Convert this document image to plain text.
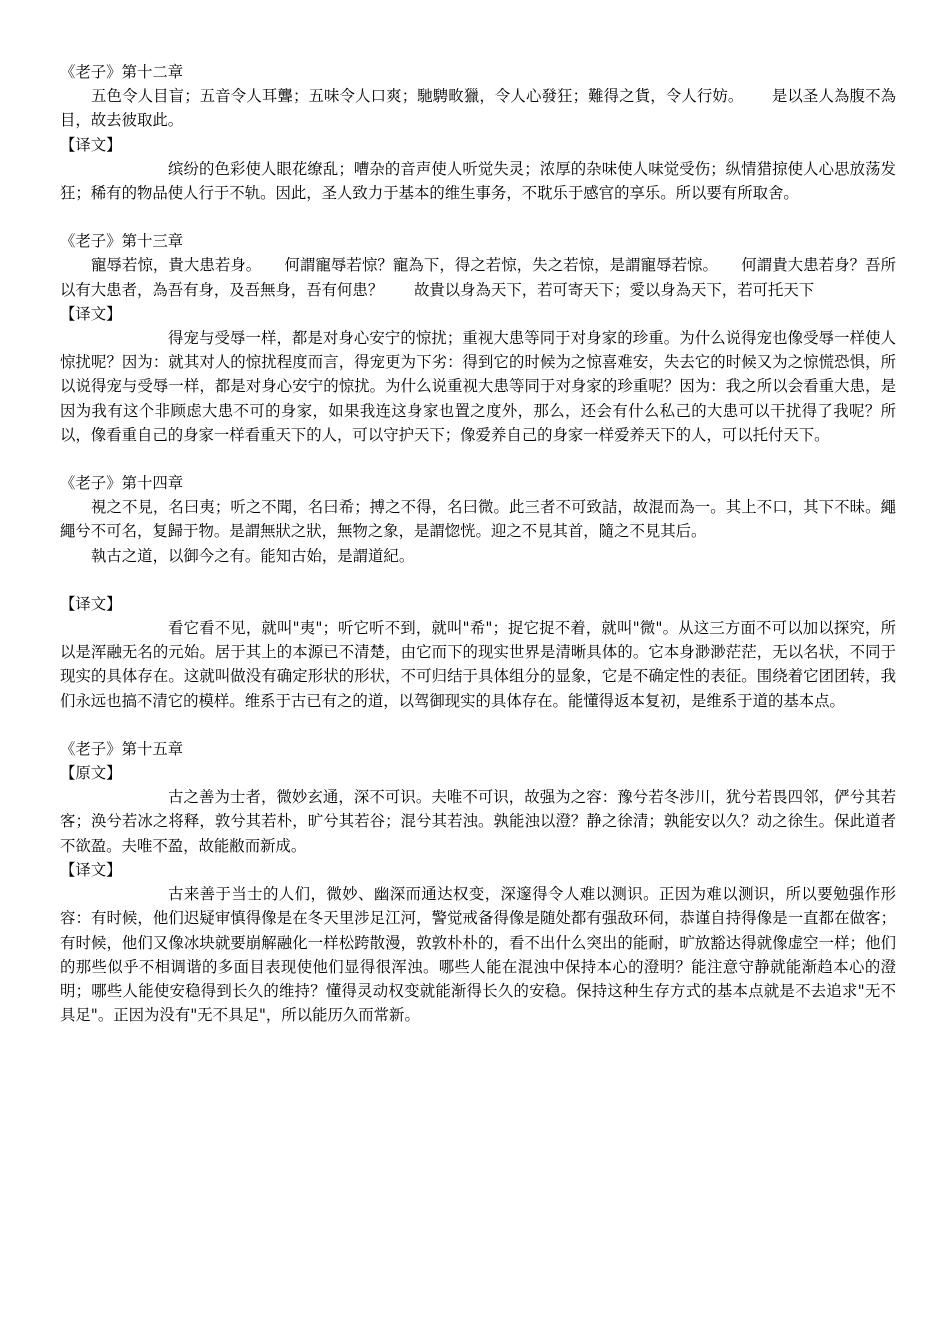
《老子》第十二章
五色令人目盲；五音令人耳聾；五味令人口爽；馳騁畋獵，令人心發狂；難得之貨，令人行妨。　　 是以圣人為腹不為目，故去彼取此。
【译文】
缤纷的色彩使人眼花缭乱；嘈杂的音声使人听觉失灵；浓厚的杂味使人味觉受伤；纵情猎掠使人心思放荡发狂；稀有的物品使人行于不轨。因此，圣人致力于基本的维生事务，不耽乐于感官的享乐。所以要有所取舍。
《老子》第十三章
寵辱若惊，貴大患若身。　　何謂寵辱若惊？寵為下，得之若惊，失之若惊，是謂寵辱若惊。　　何謂貴大患若身？吾所以有大患者，為吾有身，及吾無身，吾有何患？　　故貴以身為天下，若可寄天下；愛以身為天下，若可托天下
【译文】
得宠与受辱一样，都是对身心安宁的惊扰；重视大患等同于对身家的珍重。为什么说得宠也像受辱一样使人惊扰呢？因为：就其对人的惊扰程度而言，得宠更为下劣：得到它的时候为之惊喜难安，失去它的时候又为之惊慌恐惧，所以说得宠与受辱一样，都是对身心安宁的惊扰。为什么说重视大患等同于对身家的珍重呢？因为：我之所以会看重大患，是因为我有这个非顾虑大患不可的身家，如果我连这身家也置之度外，那么，还会有什么私己的大患可以干扰得了我呢？所以，像看重自己的身家一样看重天下的人，可以守护天下；像爱养自己的身家一样爱养天下的人，可以托付天下。
《老子》第十四章
視之不見，名曰夷；听之不聞，名曰希；搏之不得，名曰微。此三者不可致詰，故混而為一。其上不口，其下不昧。繩繩兮不可名，复歸于物。是謂無狀之狀，無物之象，是謂惚恍。迎之不見其首，隨之不見其后。
執古之道，以御今之有。能知古始，是謂道紀。
【译文】
看它看不见，就叫"夷"；听它听不到，就叫"希"；捉它捉不着，就叫"微"。从这三方面不可以加以探究，所以是浑融无名的元始。居于其上的本源已不清楚，由它而下的现实世界是清晰具体的。它本身渺渺茫茫，无以名状，不同于现实的具体存在。这就叫做没有确定形状的形状，不可归结于具体组分的显象，它是不确定性的表征。围绕着它团团转，我们永远也搞不清它的模样。维系于古已有之的道，以驾御现实的具体存在。能懂得返本复初，是维系于道的基本点。
《老子》第十五章
【原文】
古之善为士者，微妙玄通，深不可识。夫唯不可识，故强为之容：豫兮若冬涉川，犹兮若畏四邻，俨兮其若客；涣兮若冰之将释，敦兮其若朴，旷兮其若谷；混兮其若浊。孰能浊以澄？静之徐清；孰能安以久？动之徐生。保此道者不欲盈。夫唯不盈，故能敝而新成。
【译文】
古来善于当士的人们，微妙、幽深而通达权变，深邃得令人难以测识。正因为难以测识，所以要勉强作形容：有时候，他们迟疑审慎得像是在冬天里涉足江河，警觉戒备得像是随处都有强敌环伺，恭谨自持得像是一直都在做客；有时候，他们又像冰块就要崩解融化一样松跨散漫，敦敦朴朴的，看不出什么突出的能耐，旷放豁达得就像虚空一样；他们的那些似乎不相调谐的多面目表现使他们显得很浑浊。哪些人能在混浊中保持本心的澄明？能注意守静就能渐趋本心的澄明；哪些人能使安稳得到长久的维持？懂得灵动权变就能渐得长久的安稳。保持这种生存方式的基本点就是不去追求"无不具足"。正因为没有"无不具足"，所以能历久而常新。
